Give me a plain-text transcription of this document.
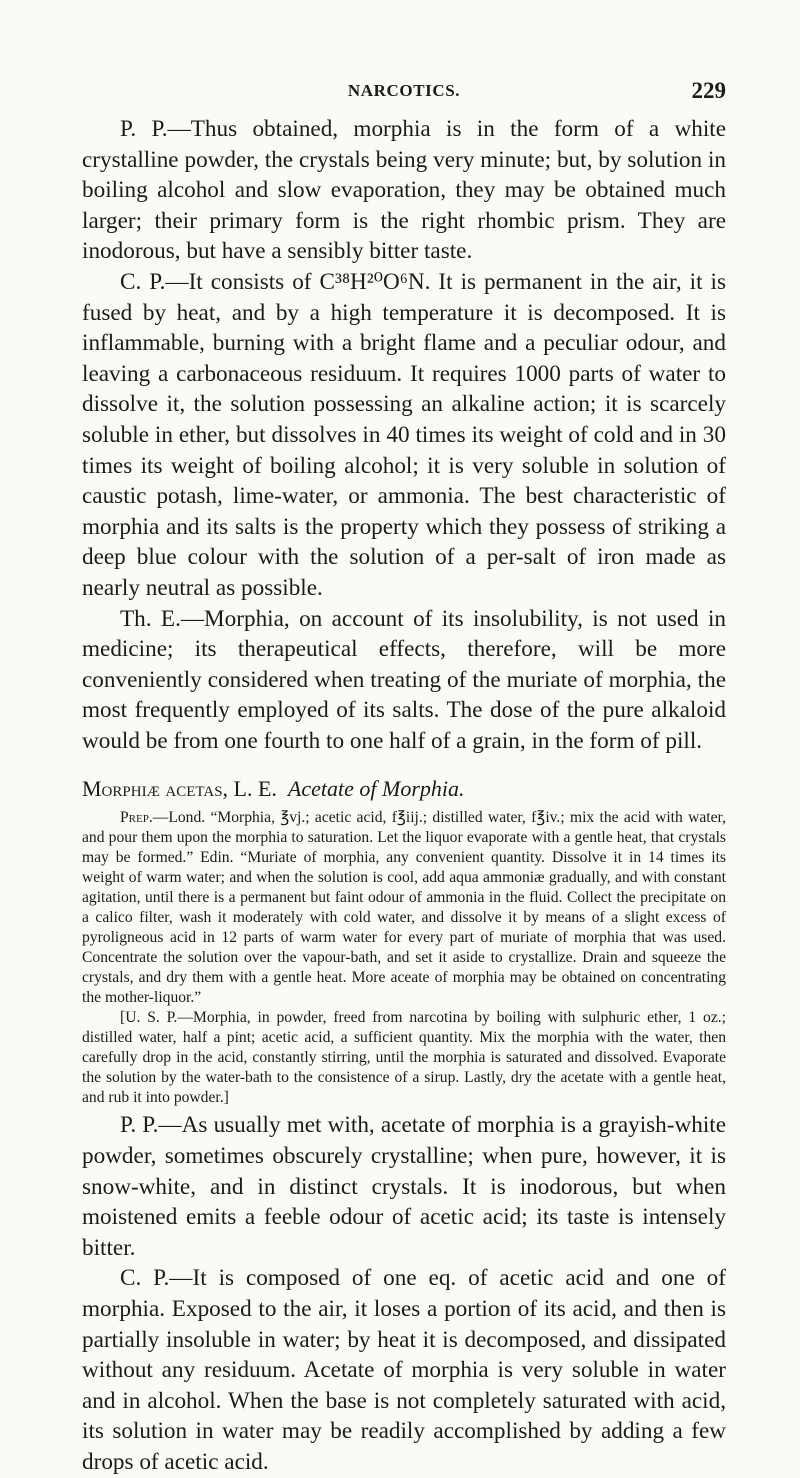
NARCOTICS.	229

P. P.—Thus obtained, morphia is in the form of a white crystalline powder, the crystals being very minute; but, by solution in boiling alcohol and slow evaporation, they may be obtained much larger; their primary form is the right rhombic prism. They are inodorous, but have a sensibly bitter taste.

C. P.—It consists of C³⁸H²⁰O⁶N. It is permanent in the air, it is fused by heat, and by a high temperature it is decomposed. It is inflammable, burning with a bright flame and a peculiar odour, and leaving a carbonaceous residuum. It requires 1000 parts of water to dissolve it, the solution possessing an alkaline action; it is scarcely soluble in ether, but dissolves in 40 times its weight of cold and in 30 times its weight of boiling alcohol; it is very soluble in solution of caustic potash, lime-water, or ammonia. The best characteristic of morphia and its salts is the property which they possess of striking a deep blue colour with the solution of a per-salt of iron made as nearly neutral as possible.

Th. E.—Morphia, on account of its insolubility, is not used in medicine; its therapeutical effects, therefore, will be more conveniently considered when treating of the muriate of morphia, the most frequently employed of its salts. The dose of the pure alkaloid would be from one fourth to one half of a grain, in the form of pill.

Morphiæ acetas, L. E. Acetate of Morphia.

Prep.—Lond. “Morphia, ℥vj.; acetic acid, f℥iij.; distilled water, f℥iv.; mix the acid with water, and pour them upon the morphia to saturation. Let the liquor evaporate with a gentle heat, that crystals may be formed.” Edin. “Muriate of morphia, any convenient quantity. Dissolve it in 14 times its weight of warm water; and when the solution is cool, add aqua ammoniæ gradually, and with constant agitation, until there is a permanent but faint odour of ammonia in the fluid. Collect the precipitate on a calico filter, wash it moderately with cold water, and dissolve it by means of a slight excess of pyroligneous acid in 12 parts of warm water for every part of muriate of morphia that was used. Concentrate the solution over the vapour-bath, and set it aside to crystallize. Drain and squeeze the crystals, and dry them with a gentle heat. More aceate of morphia may be obtained on concentrating the mother-liquor.”

[U. S. P.—Morphia, in powder, freed from narcotina by boiling with sulphuric ether, 1 oz.; distilled water, half a pint; acetic acid, a sufficient quantity. Mix the morphia with the water, then carefully drop in the acid, constantly stirring, until the morphia is saturated and dissolved. Evaporate the solution by the water-bath to the consistence of a sirup. Lastly, dry the acetate with a gentle heat, and rub it into powder.]

P. P.—As usually met with, acetate of morphia is a grayish-white powder, sometimes obscurely crystalline; when pure, however, it is snow-white, and in distinct crystals. It is inodorous, but when moistened emits a feeble odour of acetic acid; its taste is intensely bitter.

C. P.—It is composed of one eq. of acetic acid and one of morphia. Exposed to the air, it loses a portion of its acid, and then is partially insoluble in water; by heat it is decomposed, and dissipated without any residuum. Acetate of morphia is very soluble in water and in alcohol. When the base is not completely saturated with acid, its solution in water may be readily accomplished by adding a few drops of acetic acid.
